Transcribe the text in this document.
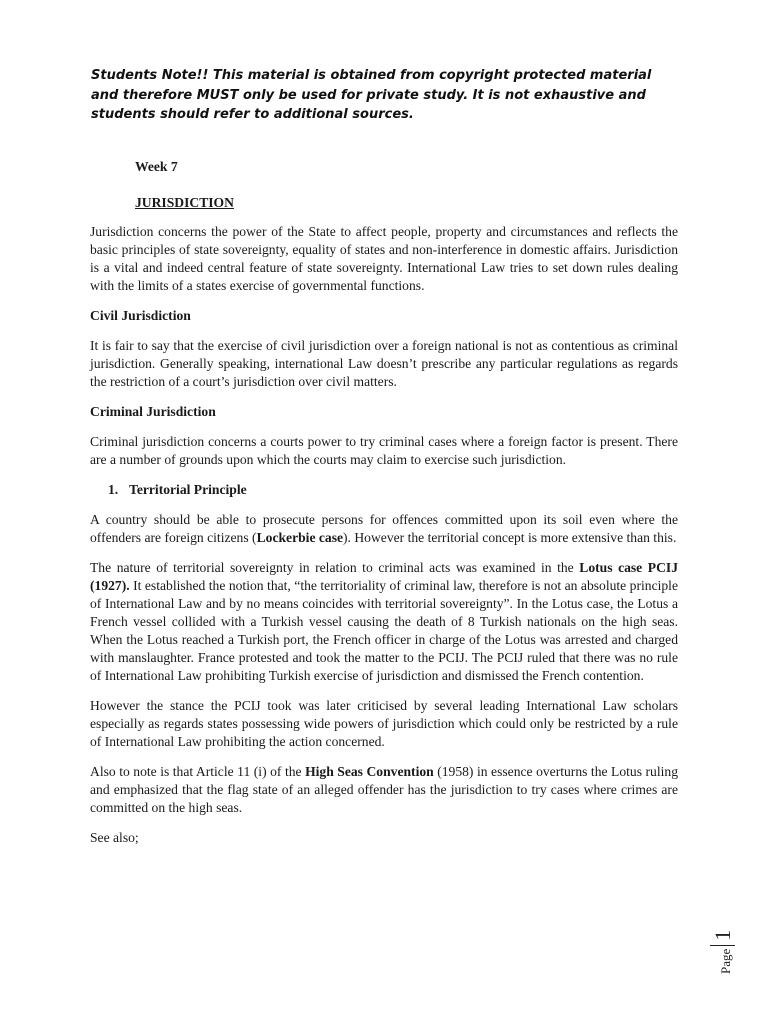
Students Note!! This material is obtained from copyright protected material and therefore MUST only be used for private study. It is not exhaustive and students should refer to additional sources.
Week 7
JURISDICTION

Jurisdiction concerns the power of the State to affect people, property and circumstances and reflects the basic principles of state sovereignty, equality of states and non-interference in domestic affairs. Jurisdiction is a vital and indeed central feature of state sovereignty. International Law tries to set down rules dealing with the limits of a states exercise of governmental functions.

Civil Jurisdiction

It is fair to say that the exercise of civil jurisdiction over a foreign national is not as contentious as criminal jurisdiction. Generally speaking, international Law doesn’t prescribe any particular regulations as regards the restriction of a court’s jurisdiction over civil matters.

Criminal Jurisdiction

Criminal jurisdiction concerns a courts power to try criminal cases where a foreign factor is present. There are a number of grounds upon which the courts may claim to exercise such jurisdiction.

1. Territorial Principle

A country should be able to prosecute persons for offences committed upon its soil even where the offenders are foreign citizens (Lockerbie case). However the territorial concept is more extensive than this.

The nature of territorial sovereignty in relation to criminal acts was examined in the Lotus case PCIJ (1927). It established the notion that, “the territoriality of criminal law, therefore is not an absolute principle of International Law and by no means coincides with territorial sovereignty”. In the Lotus case, the Lotus a French vessel collided with a Turkish vessel causing the death of 8 Turkish nationals on the high seas. When the Lotus reached a Turkish port, the French officer in charge of the Lotus was arrested and charged with manslaughter. France protested and took the matter to the PCIJ. The PCIJ ruled that there was no rule of International Law prohibiting Turkish exercise of jurisdiction and dismissed the French contention.

However the stance the PCIJ took was later criticised by several leading International Law scholars especially as regards states possessing wide powers of jurisdiction which could only be restricted by a rule of International Law prohibiting the action concerned.

Also to note is that Article 11 (i) of the High Seas Convention (1958) in essence overturns the Lotus ruling and emphasized that the flag state of an alleged offender has the jurisdiction to try cases where crimes are committed on the high seas.

See also;

Page1
